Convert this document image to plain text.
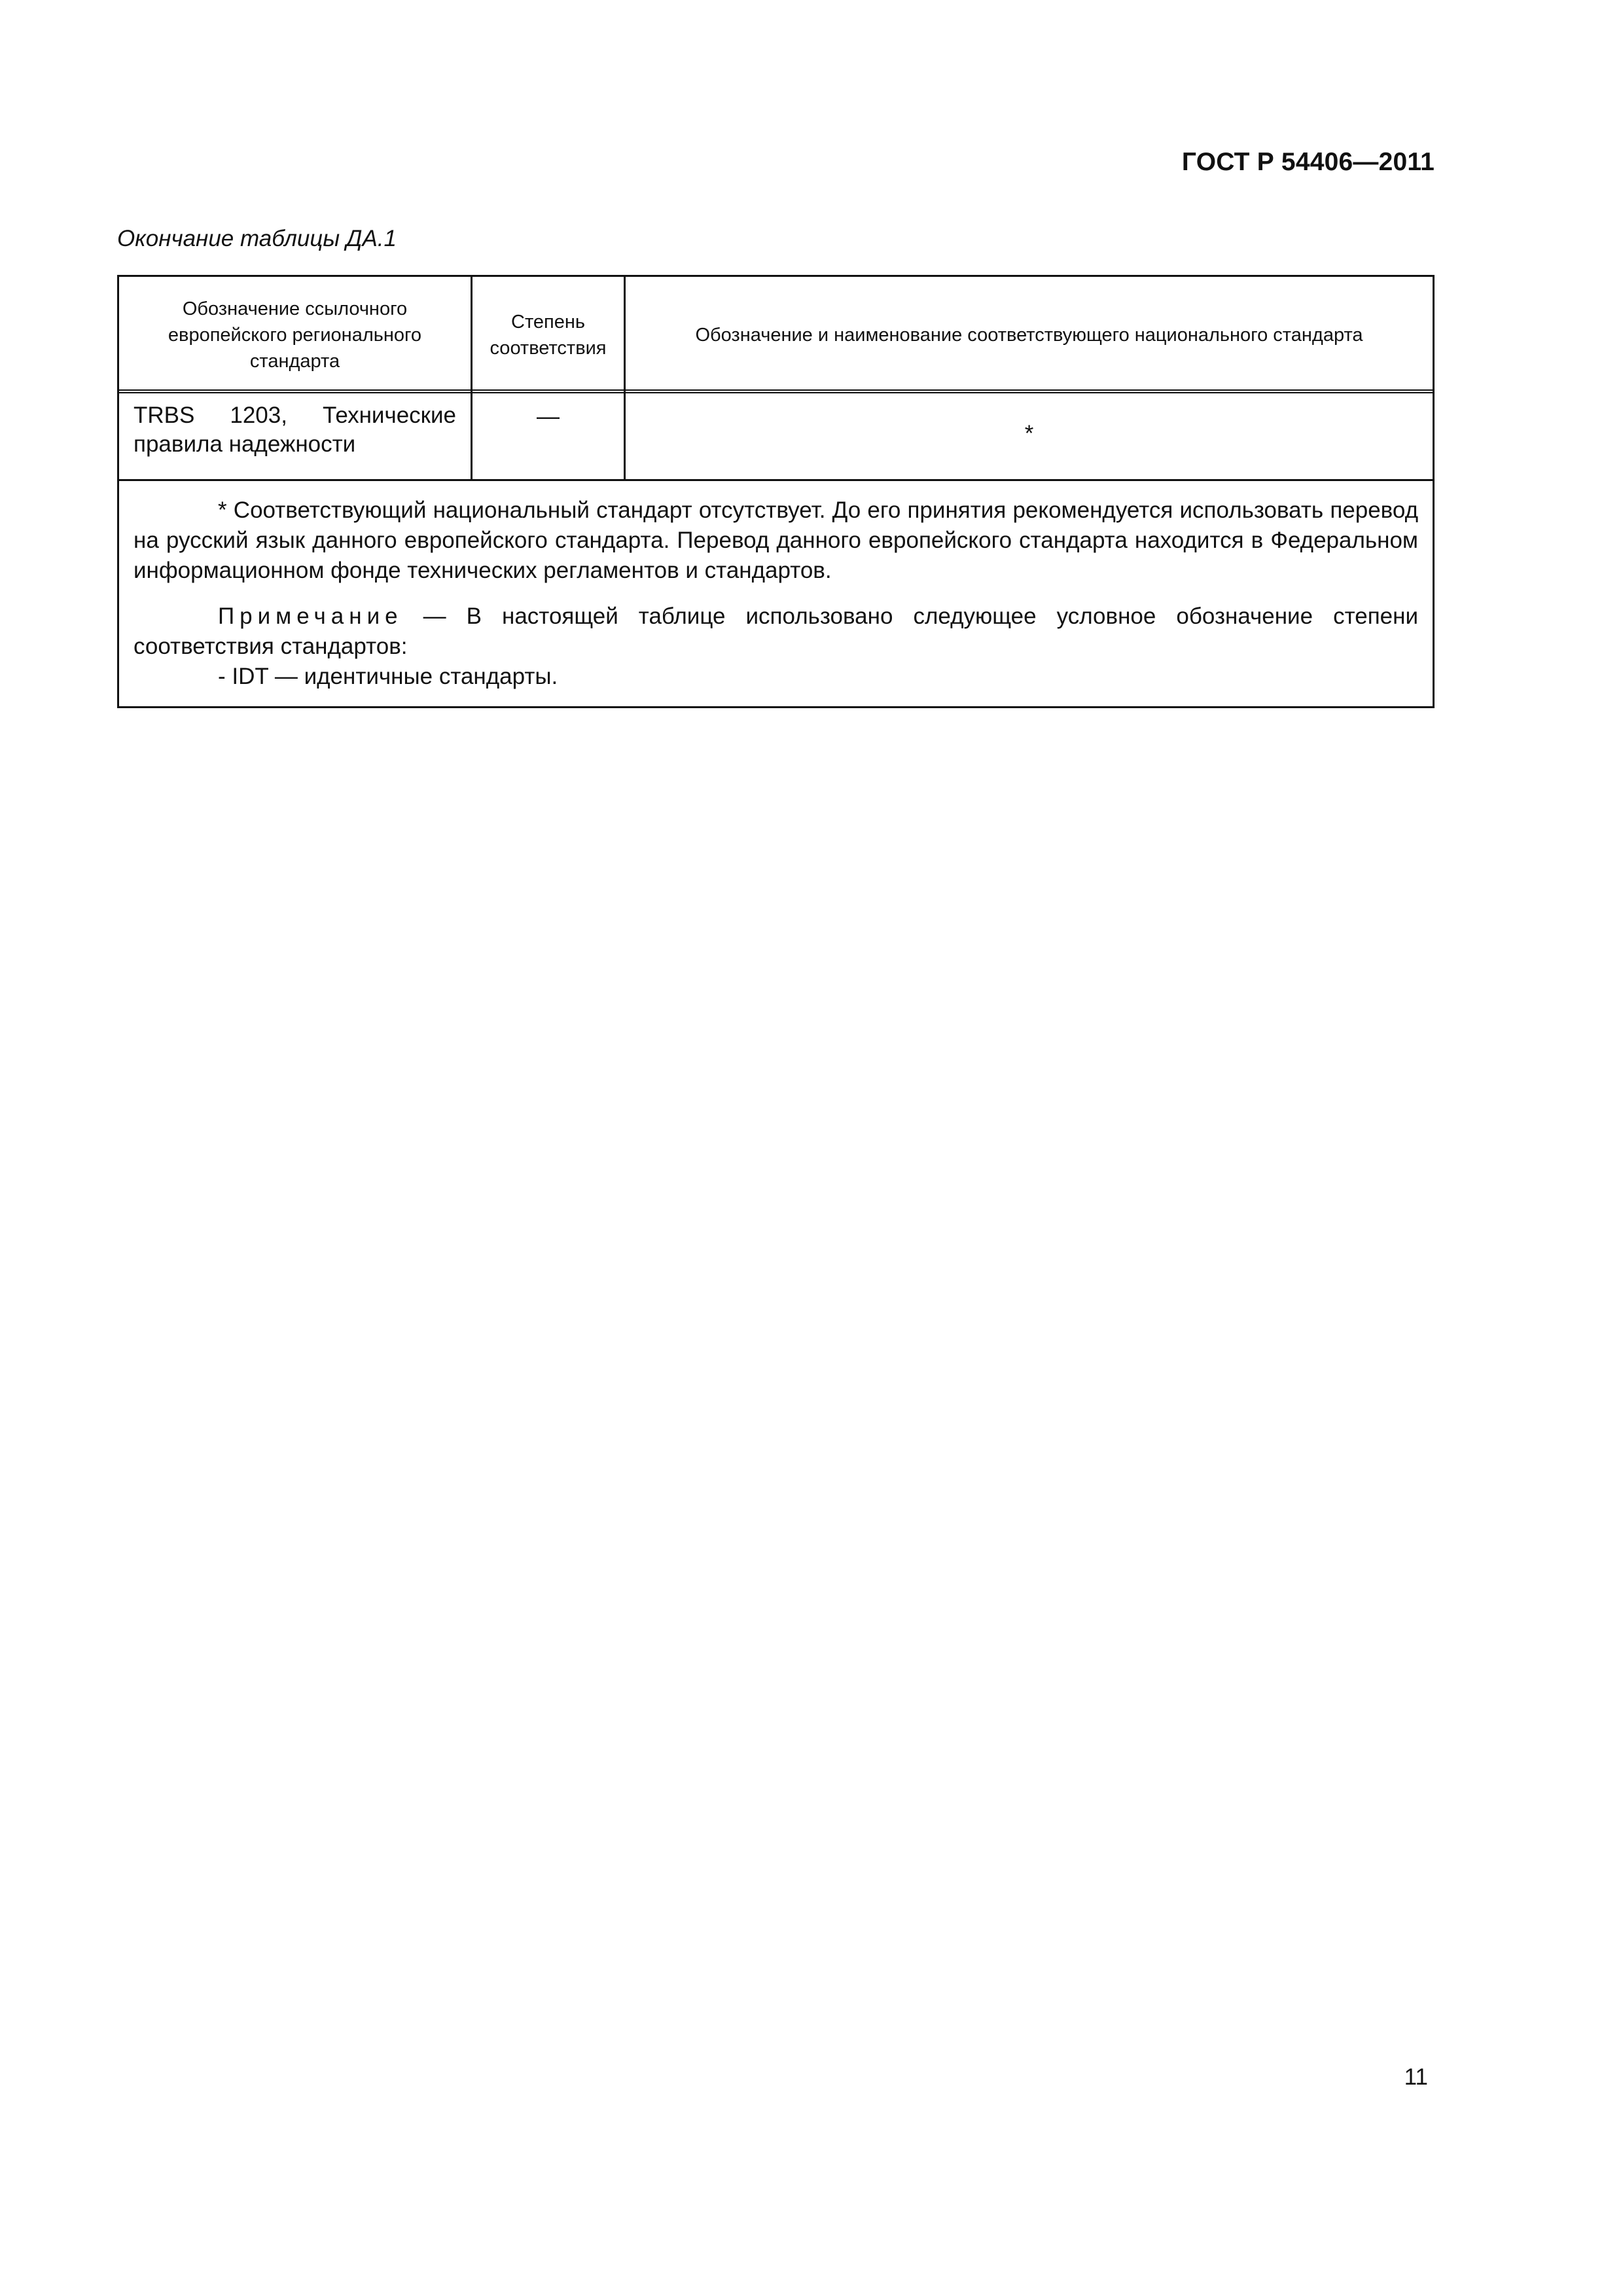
ГОСТ Р 54406—2011
Окончание таблицы ДА.1
Обозначение ссылочного европейского регионального стандарта
Степень соответствия
Обозначение и наименование соответствующего национального стандарта
TRBS 1203, Технические правила надежности
—
*

* Соответствующий национальный стандарт отсутствует. До его принятия рекомендуется использовать перевод на русский язык данного европейского стандарта. Перевод данного европейского стандарта находится в Федеральном информационном фонде технических регламентов и стандартов.

Примечание — В настоящей таблице использовано следующее условное обозначение степени соответствия стандартов:

- IDT — идентичные стандарты.

11
